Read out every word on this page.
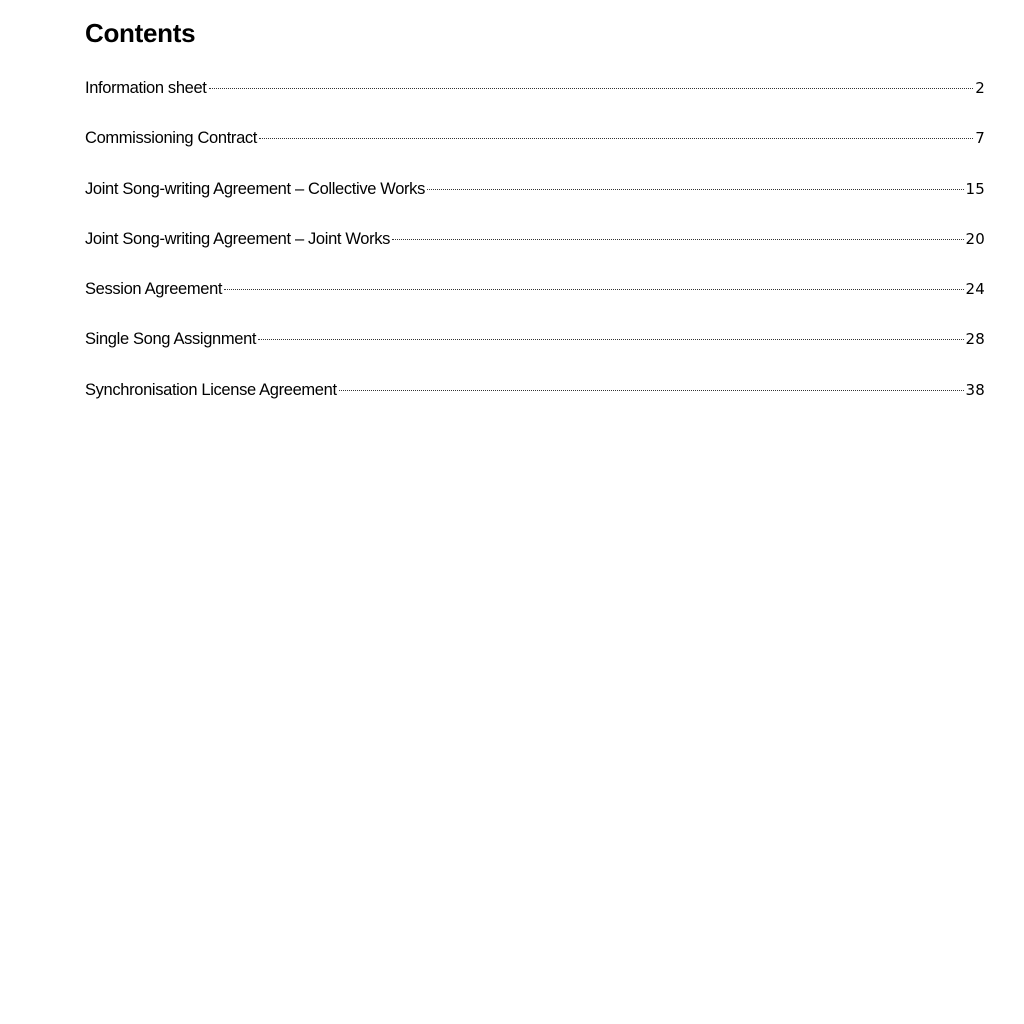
Contents
Information sheet	2
Commissioning Contract	7
Joint Song-writing Agreement – Collective Works	15
Joint Song-writing Agreement – Joint Works	20
Session Agreement	24
Single Song Assignment	28
Synchronisation License Agreement	38
